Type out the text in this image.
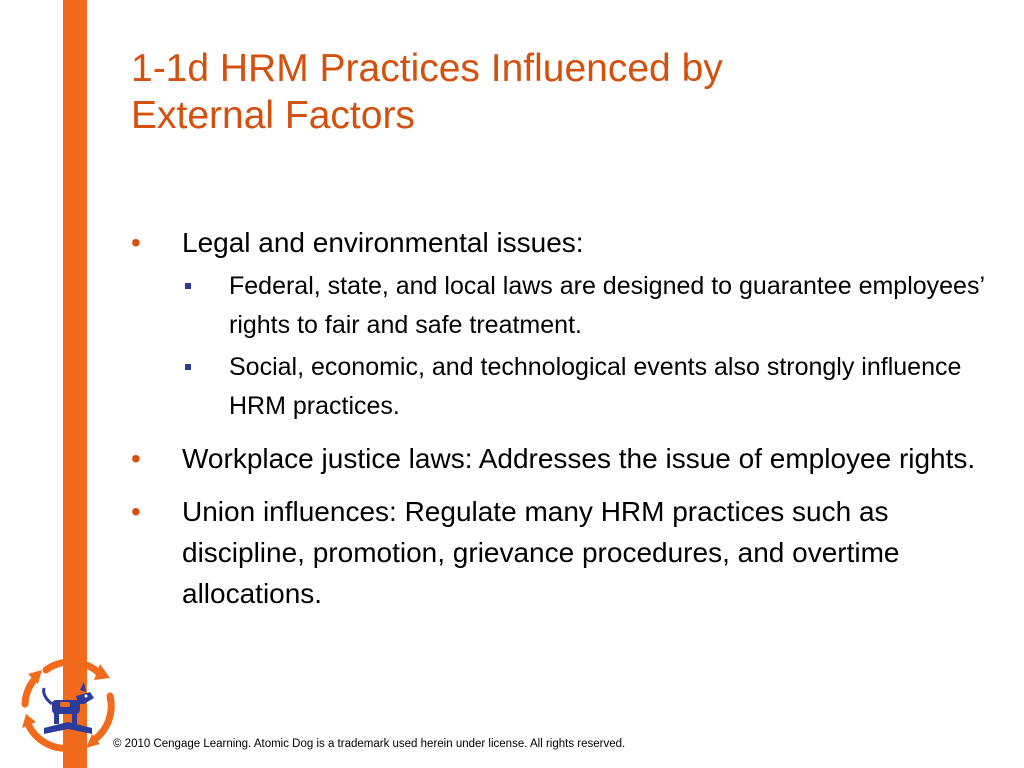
1-1d HRM Practices Influenced by
External Factors
• Legal and environmental issues:
Federal, state, and local laws are designed to guarantee employees’ rights to fair and safe treatment.
Social, economic, and technological events also strongly influence HRM practices.
• Workplace justice laws: Addresses the issue of employee rights.
• Union influences: Regulate many HRM practices such as discipline, promotion, grievance procedures, and overtime allocations.
© 2010 Cengage Learning. Atomic Dog is a trademark used herein under license. All rights reserved.
